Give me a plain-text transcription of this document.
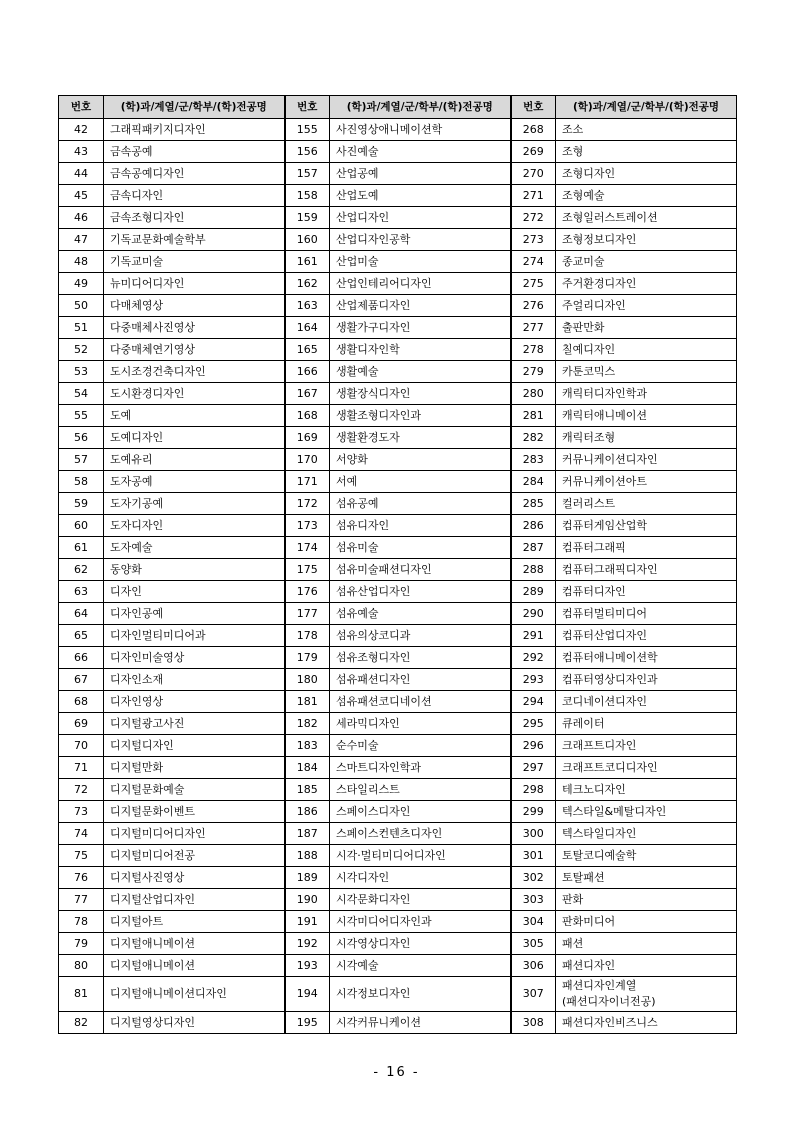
번호	(학)과/계열/군/학부/(학)전공명	번호	(학)과/계열/군/학부/(학)전공명	번호	(학)과/계열/군/학부/(학)전공명
42	그래픽패키지디자인	155	사진영상애니메이션학	268	조소
43	금속공예	156	사진예술	269	조형
44	금속공예디자인	157	산업공예	270	조형디자인
45	금속디자인	158	산업도예	271	조형예술
46	금속조형디자인	159	산업디자인	272	조형일러스트레이션
47	기독교문화예술학부	160	산업디자인공학	273	조형정보디자인
48	기독교미술	161	산업미술	274	종교미술
49	뉴미디어디자인	162	산업인테리어디자인	275	주거환경디자인
50	다매체영상	163	산업제품디자인	276	주얼리디자인
51	다중매체사진영상	164	생활가구디자인	277	출판만화
52	다중매체연기영상	165	생활디자인학	278	칠예디자인
53	도시조경건축디자인	166	생활예술	279	카툰코믹스
54	도시환경디자인	167	생활장식디자인	280	캐릭터디자인학과
55	도예	168	생활조형디자인과	281	캐릭터애니메이션
56	도예디자인	169	생활환경도자	282	캐릭터조형
57	도예유리	170	서양화	283	커뮤니케이션디자인
58	도자공예	171	서예	284	커뮤니케이션아트
59	도자기공예	172	섬유공예	285	컬러리스트
60	도자디자인	173	섬유디자인	286	컴퓨터게임산업학
61	도자예술	174	섬유미술	287	컴퓨터그래픽
62	동양화	175	섬유미술패션디자인	288	컴퓨터그래픽디자인
63	디자인	176	섬유산업디자인	289	컴퓨터디자인
64	디자인공예	177	섬유예술	290	컴퓨터멀티미디어
65	디자인멀티미디어과	178	섬유의상코디과	291	컴퓨터산업디자인
66	디자인미술영상	179	섬유조형디자인	292	컴퓨터애니메이션학
67	디자인소재	180	섬유패션디자인	293	컴퓨터영상디자인과
68	디자인영상	181	섬유패션코디네이션	294	코디네이션디자인
69	디지털광고사진	182	세라믹디자인	295	큐레이터
70	디지털디자인	183	순수미술	296	크래프트디자인
71	디지털만화	184	스마트디자인학과	297	크래프트코디디자인
72	디지털문화예술	185	스타일리스트	298	테크노디자인
73	디지털문화이벤트	186	스페이스디자인	299	텍스타일&메탈디자인
74	디지털미디어디자인	187	스페이스컨텐츠디자인	300	텍스타일디자인
75	디지털미디어전공	188	시각·멀티미디어디자인	301	토탈코디예술학
76	디지털사진영상	189	시각디자인	302	토탈패션
77	디지털산업디자인	190	시각문화디자인	303	판화
78	디지털아트	191	시각미디어디자인과	304	판화미디어
79	디지털애니메이션	192	시각영상디자인	305	패션
80	디지털애니메이션	193	시각예술	306	패션디자인
81	디지털애니메이션디자인	194	시각정보디자인	307	패션디자인계열
(패션디자이너전공)

82	디지털영상디자인	195	시각커뮤니케이션	308	패션디자인비즈니스
- 16 -
